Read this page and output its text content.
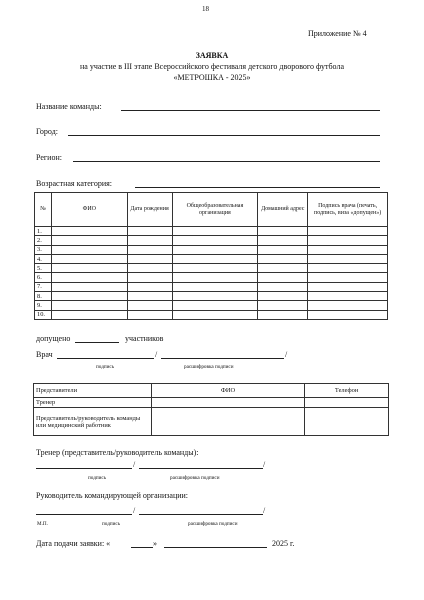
18
Приложение № 4
ЗАЯВКА
на участие в III этапе Всероссийского фестиваля детского дворового футбола
«МЕТРОШКА - 2025»
Название команды:
Город:
Регион:
Возрастная категория:
№	ФИО	Дата рождения	Общеобразовательная организация	Домашний адрес	Подпись врача (печать, подпись, виза «допущен»)
1.					
2.					
3.					
4.					
5.					
6.					
7.					
8.					
9.					
10.					
допущено	участников
Врач	/	/
подпись	расшифровка подписи
Представители	ФИО	Телефон
Тренер		
Представитель/руководитель команды или медицинский работник		
Тренер (представитель/руководитель команды):
/	/
подпись	расшифровка подписи
Руководитель командирующей организации:
/	/
М.П.	подпись	расшифровка подписи
Дата подачи заявки: «	»	2025 г.
